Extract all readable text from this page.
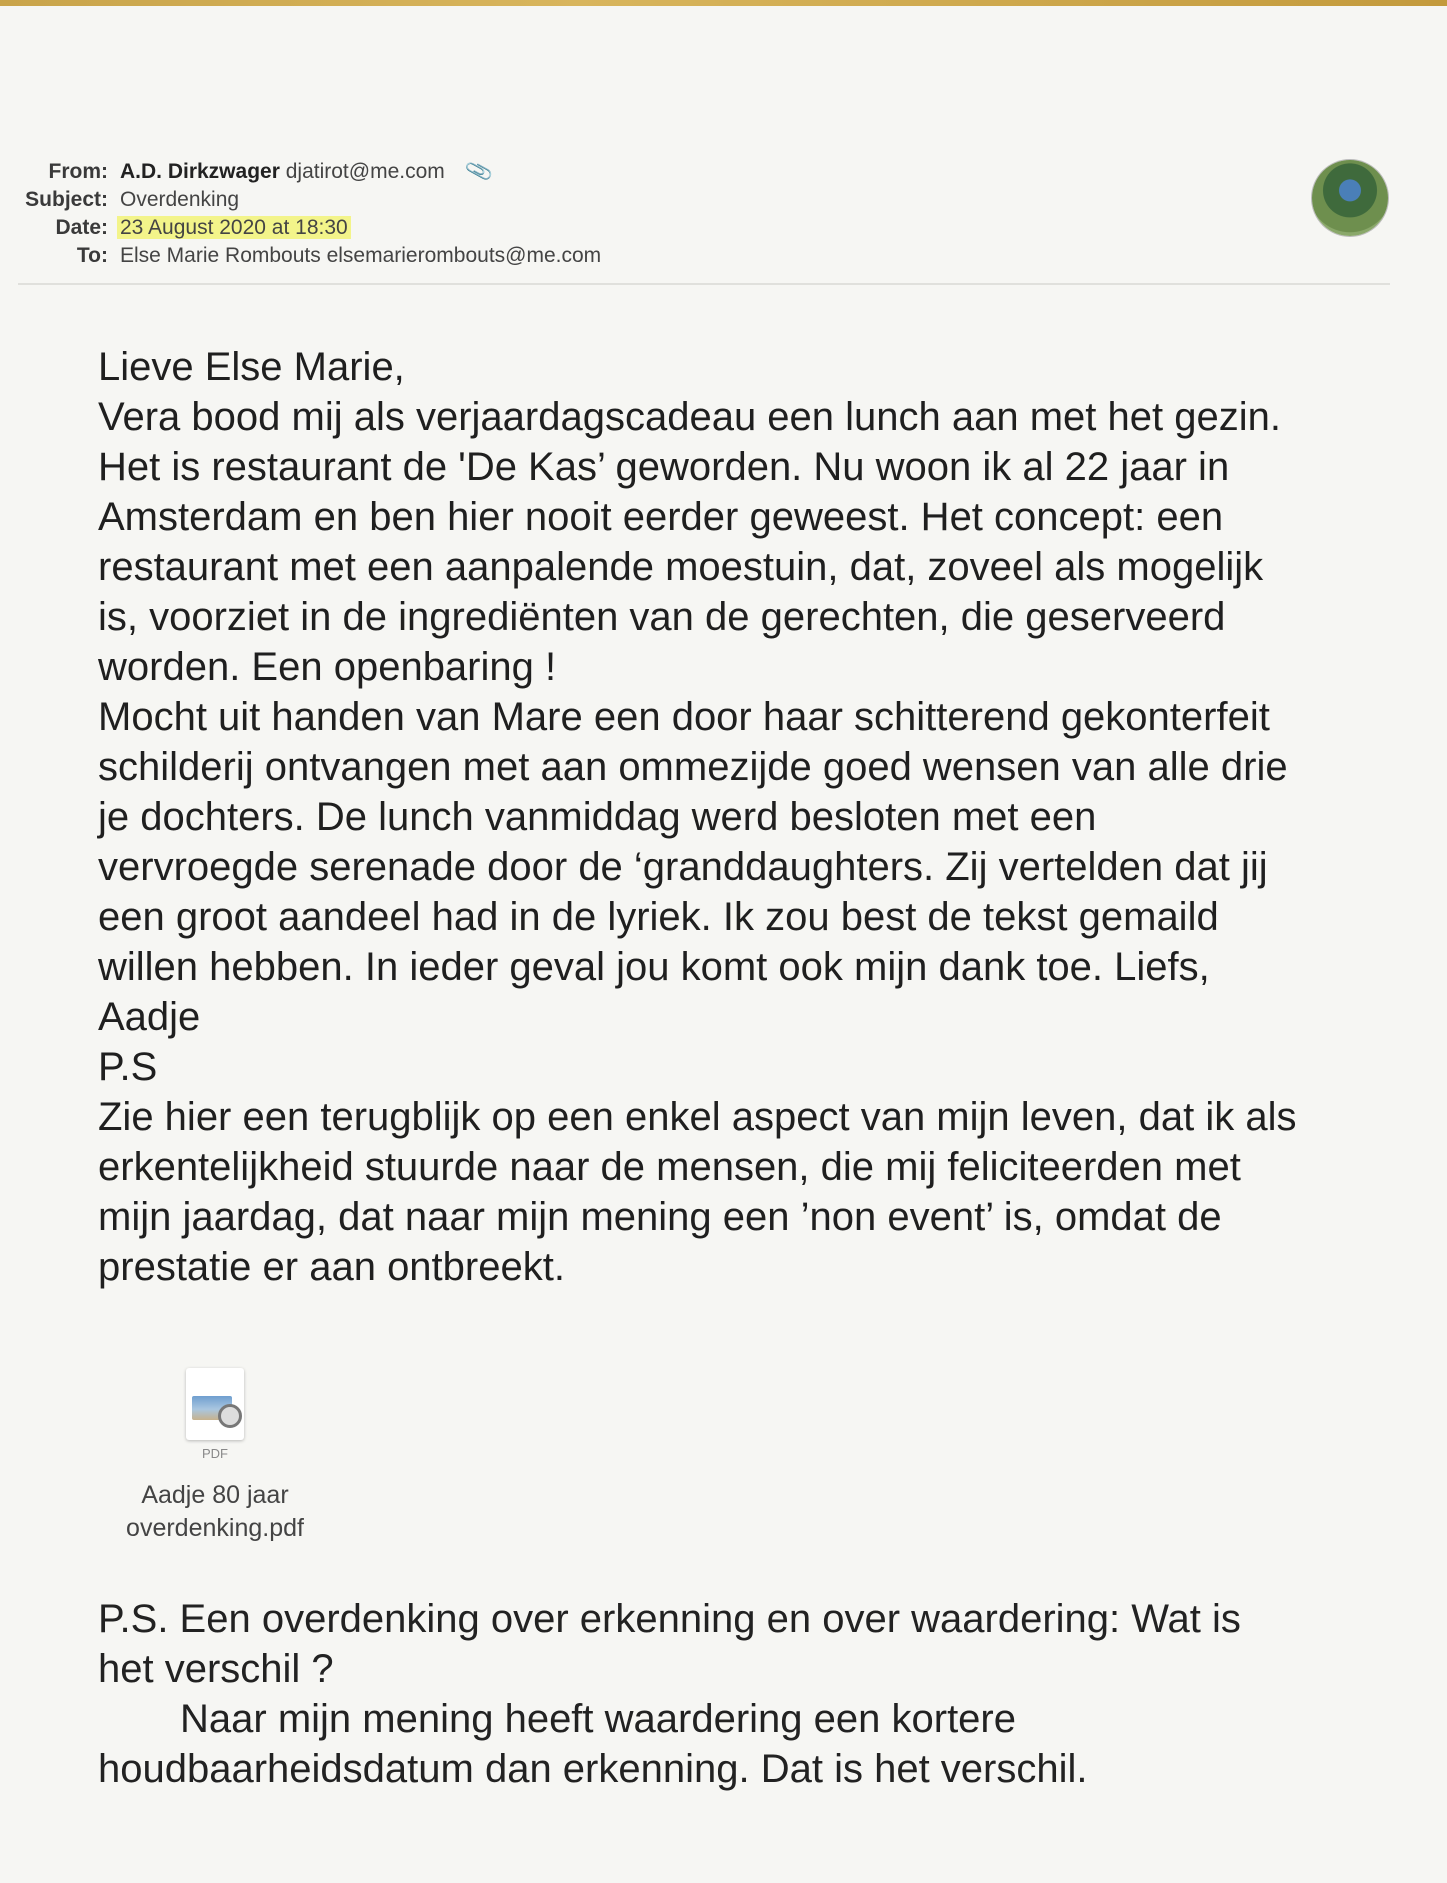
From: A.D. Dirkzwager djatirot@me.com 📎
Subject: Overdenking
Date: 23 August 2020 at 18:30
To: Else Marie Rombouts elsemarierombouts@me.com

Lieve Else Marie,

Vera bood mij als verjaardagscadeau een lunch aan met het gezin.

Het is restaurant de 'De Kas’ geworden. Nu woon ik al 22 jaar in

Amsterdam en ben hier nooit eerder geweest. Het concept: een

restaurant met een aanpalende moestuin, dat, zoveel als mogelijk

is, voorziet in de ingrediënten van de gerechten, die geserveerd

worden. Een openbaring !

Mocht uit handen van Mare een door haar schitterend gekonterfeit

schilderij ontvangen met aan ommezijde goed wensen van alle drie

je dochters. De lunch vanmiddag werd besloten met een

vervroegde serenade door de ‘granddaughters. Zij vertelden dat jij

een groot aandeel had in de lyriek. Ik zou best de tekst gemaild

willen hebben. In ieder geval jou komt ook mijn dank toe. Liefs,

Aadje

P.S

Zie hier een terugblijk op een enkel aspect van mijn leven, dat ik als

erkentelijkheid stuurde naar de mensen, die mij feliciteerden met

mijn jaardag, dat naar mijn mening een ’non event’ is, omdat de

prestatie er aan ontbreekt.

PDF
Aadje 80 jaar
overdenking.pdf

P.S. Een overdenking over erkenning en over waardering: Wat is

het verschil ?

Naar mijn mening heeft waardering een kortere

houdbaarheidsdatum dan erkenning. Dat is het verschil.
